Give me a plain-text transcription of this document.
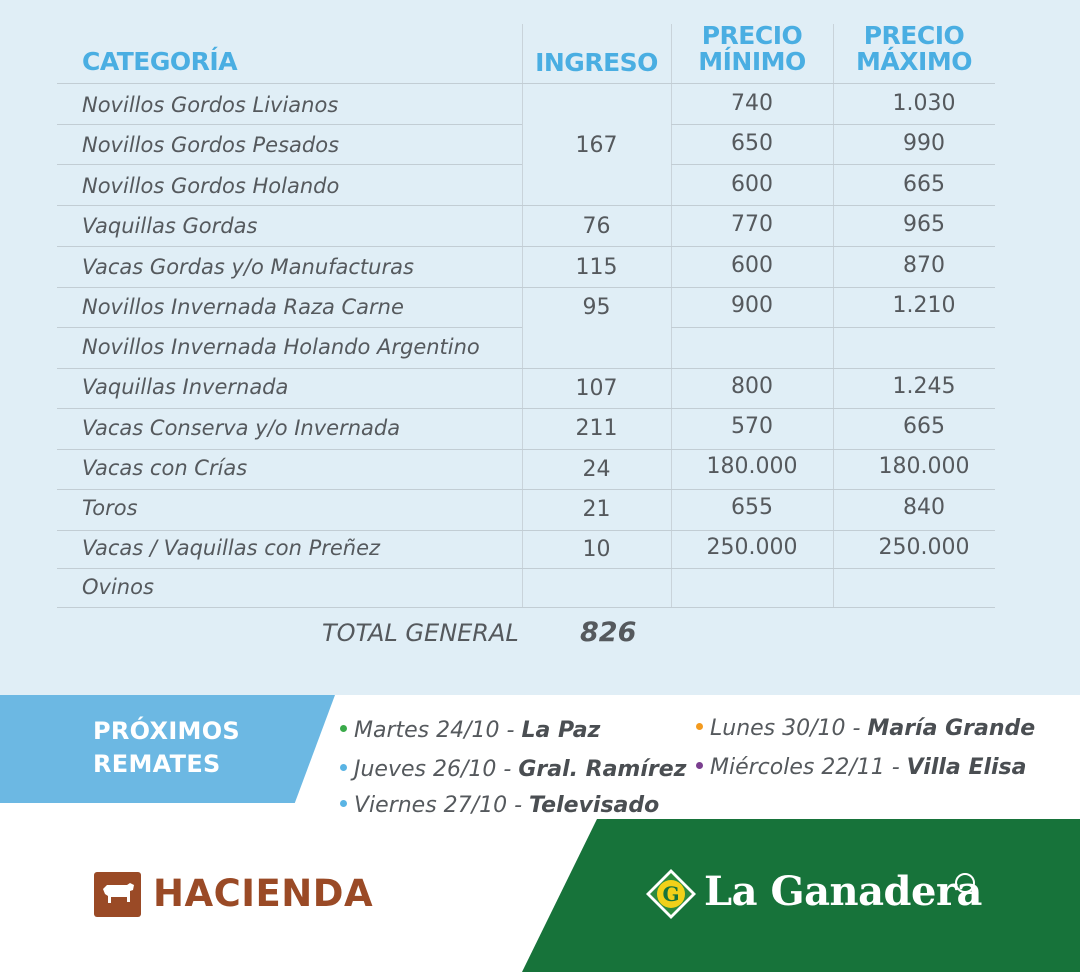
CATEGORÍA	INGRESO
PRECIO
MÍNIMO
PRECIO
MÁXIMO
Novillos Gordos Livianos
Novillos Gordos Pesados
Novillos Gordos Holando
Vaquillas Gordas
Vacas Gordas y/o Manufacturas
Novillos Invernada Raza Carne
Novillos Invernada Holando Argentino
Vaquillas Invernada
Vacas Conserva y/o Invernada
Vacas con Crías
Toros
Vacas / Vaquillas con Preñez
Ovinos
167
76
115
95
107
211
24
21
10
740
650
600
770
600
900
800
570
180.000
655
250.000
1.030
990
665
965
870
1.210
1.245
665
180.000
840
250.000
TOTAL GENERAL 826
PRÓXIMOS
REMATES
Martes 24/10 - La Paz
Jueves 26/10 - Gral. Ramírez
Viernes 27/10 - Televisado
Lunes 30/10 - María Grande
Miércoles 22/11 - Villa Elisa
HACIENDA	G La Ganadera
